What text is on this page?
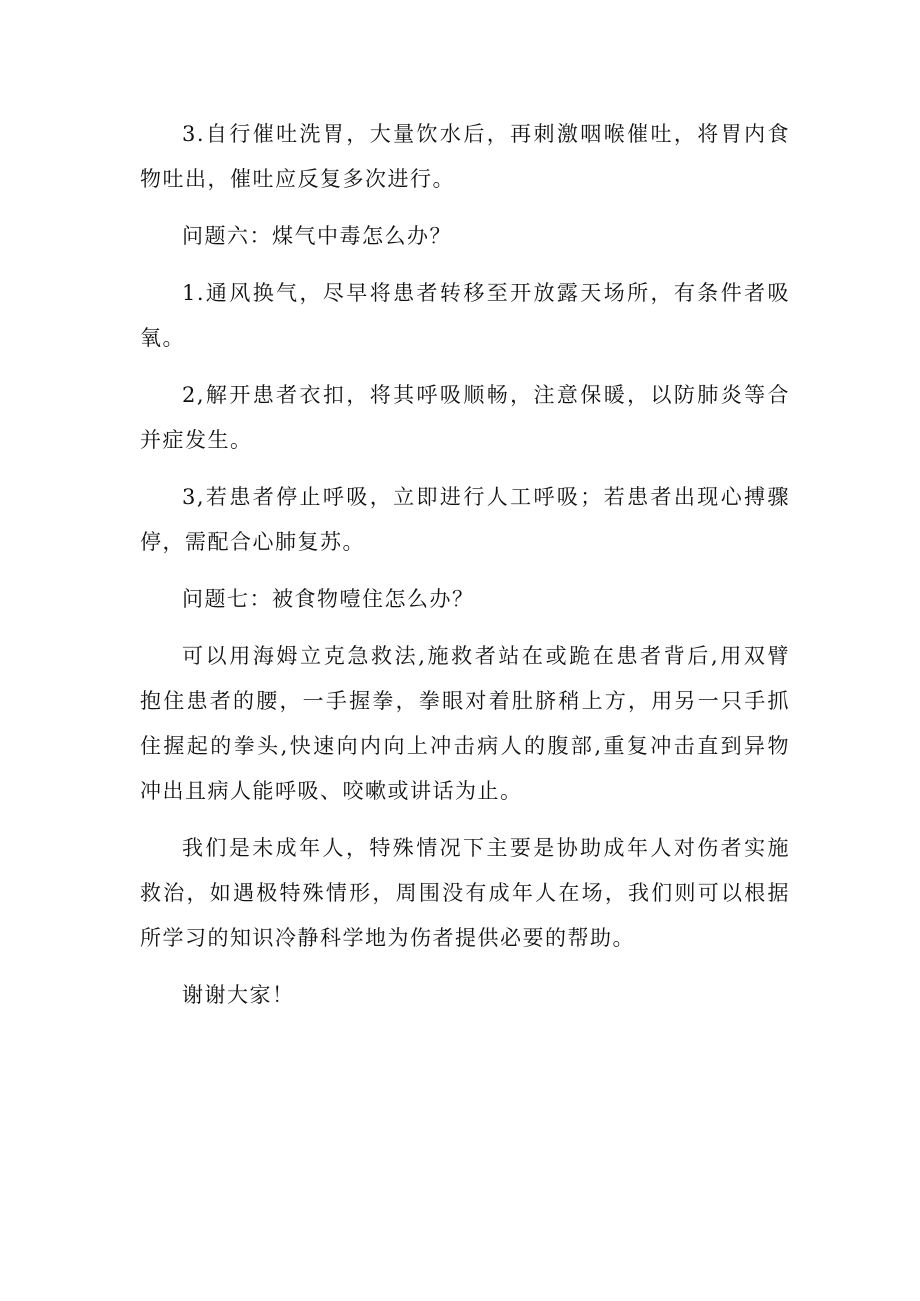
3.自行催吐洗胃，大量饮水后，再刺激咽喉催吐，将胃内食
物吐出，催吐应反复多次进行。

问题六：煤气中毒怎么办？

1.通风换气，尽早将患者转移至开放露天场所，有条件者吸
氧。

2,解开患者衣扣，将其呼吸顺畅，注意保暖，以防肺炎等合
并症发生。

3,若患者停止呼吸，立即进行人工呼吸；若患者出现心搏骤
停，需配合心肺复苏。

问题七：被食物噎住怎么办？

可以用海姆立克急救法,施救者站在或跪在患者背后,用双臂
抱住患者的腰，一手握拳，拳眼对着肚脐稍上方，用另一只手抓
住握起的拳头,快速向内向上冲击病人的腹部,重复冲击直到异物
冲出且病人能呼吸、咬嗽或讲话为止。

我们是未成年人，特殊情况下主要是协助成年人对伤者实施
救治，如遇极特殊情形，周围没有成年人在场，我们则可以根据
所学习的知识冷静科学地为伤者提供必要的帮助。

谢谢大家！
